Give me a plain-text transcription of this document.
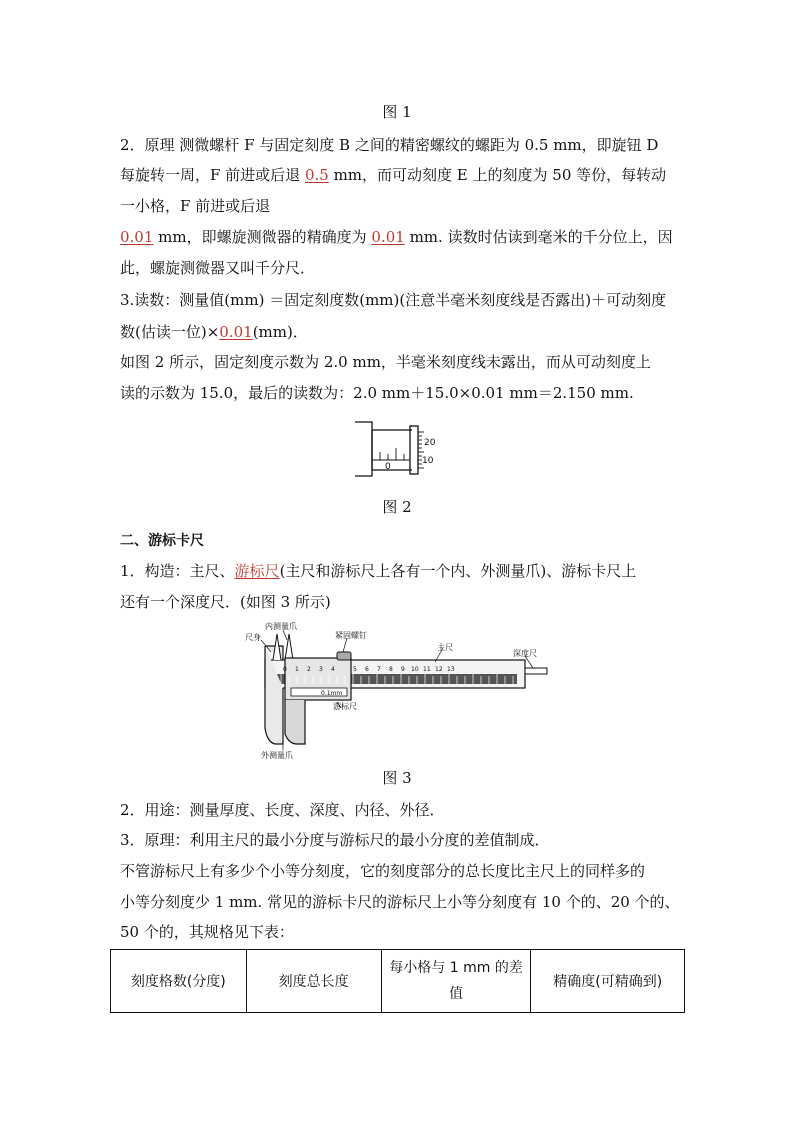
图 1
2．原理 测微螺杆 F 与固定刻度 B 之间的精密螺纹的螺距为 0.5 mm，即旋钮 D
每旋转一周，F 前进或后退 0.5 mm，而可动刻度 E 上的刻度为 50 等份，每转动
一小格，F 前进或后退
0.01 mm，即螺旋测微器的精确度为 0.01 mm. 读数时估读到毫米的千分位上，因
此，螺旋测微器又叫千分尺．
3.读数：测量值(mm) ＝固定刻度数(mm)(注意半毫米刻度线是否露出)＋可动刻度
数(估读一位)×0.01(mm)．
如图 2 所示，固定刻度示数为 2.0 mm，半毫米刻度线未露出，而从可动刻度上
读的示数为 15.0，最后的读数为：2.0 mm＋15.0×0.01 mm＝2.150 mm.
20
0
10
图 2
二、游标卡尺
1．构造：主尺、游标尺(主尺和游标尺上各有一个内、外测量爪)、游标卡尺上
还有一个深度尺．(如图 3 所示)
0 1 2 3 4	5 6 7 8 9 10 11 12 13
0.1mm
尺身
内测量爪
紧固螺钉
主尺
深度尺
游标尺
外测量爪
图 3
2．用途：测量厚度、长度、深度、内径、外径．
3．原理：利用主尺的最小分度与游标尺的最小分度的差值制成．
不管游标尺上有多少个小等分刻度，它的刻度部分的总长度比主尺上的同样多的
小等分刻度少 1 mm. 常见的游标卡尺的游标尺上小等分刻度有 10 个的、20 个的、
50 个的，其规格见下表：
刻度格数(分度)	刻度总长度	每小格与 1 mm 的差值	精确度(可精确到)
